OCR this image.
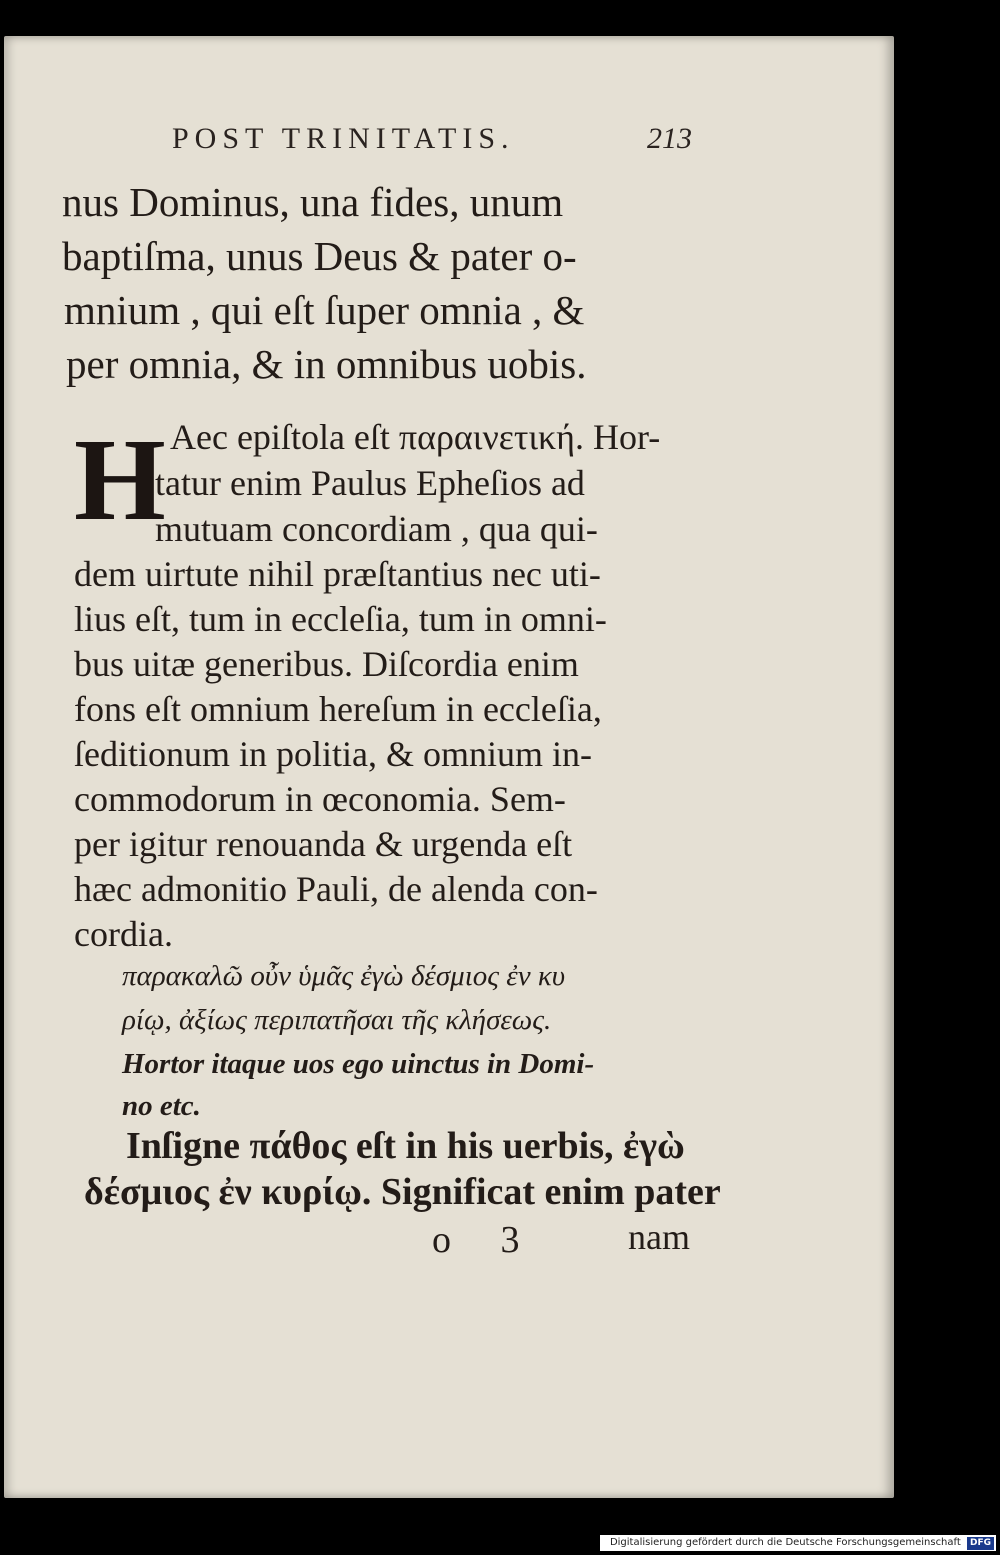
POST TRINITATIS.	213
nus Dominus, una fides, unum
baptiſma, unus Deus & pater o-
mnium , qui eſt ſuper omnia , &
per omnia, & in omnibus uobis.
H Aec epiſtola eſt παραινετική. Hor-
tatur enim Paulus Epheſios ad
mutuam concordiam , qua qui-
dem uirtute nihil præſtantius nec uti-
lius eſt, tum in eccleſia, tum in omni-
bus uitæ generibus. Diſcordia enim
fons eſt omnium hereſum in eccleſia,
ſeditionum in politia, & omnium in-
commodorum in œconomia. Sem-
per igitur renouanda & urgenda eſt
hæc admonitio Pauli, de alenda con-
cordia.
παρακαλῶ οὖν ὑμᾶς ἐγὼ δέσμιος ἐν κυ
ρίῳ, ἀξίως περιπατῆσαι τῆς κλήσεως.
Hortor itaque uos ego uinctus in Domi-
no etc.
Inſigne πάθος eſt in his uerbis, ἐγὼ
δέσμιος ἐν κυρίῳ. Significat enim pater
o 3 nam
Digitalisierung gefördert durch die Deutsche Forschungsgemeinschaft DFG
